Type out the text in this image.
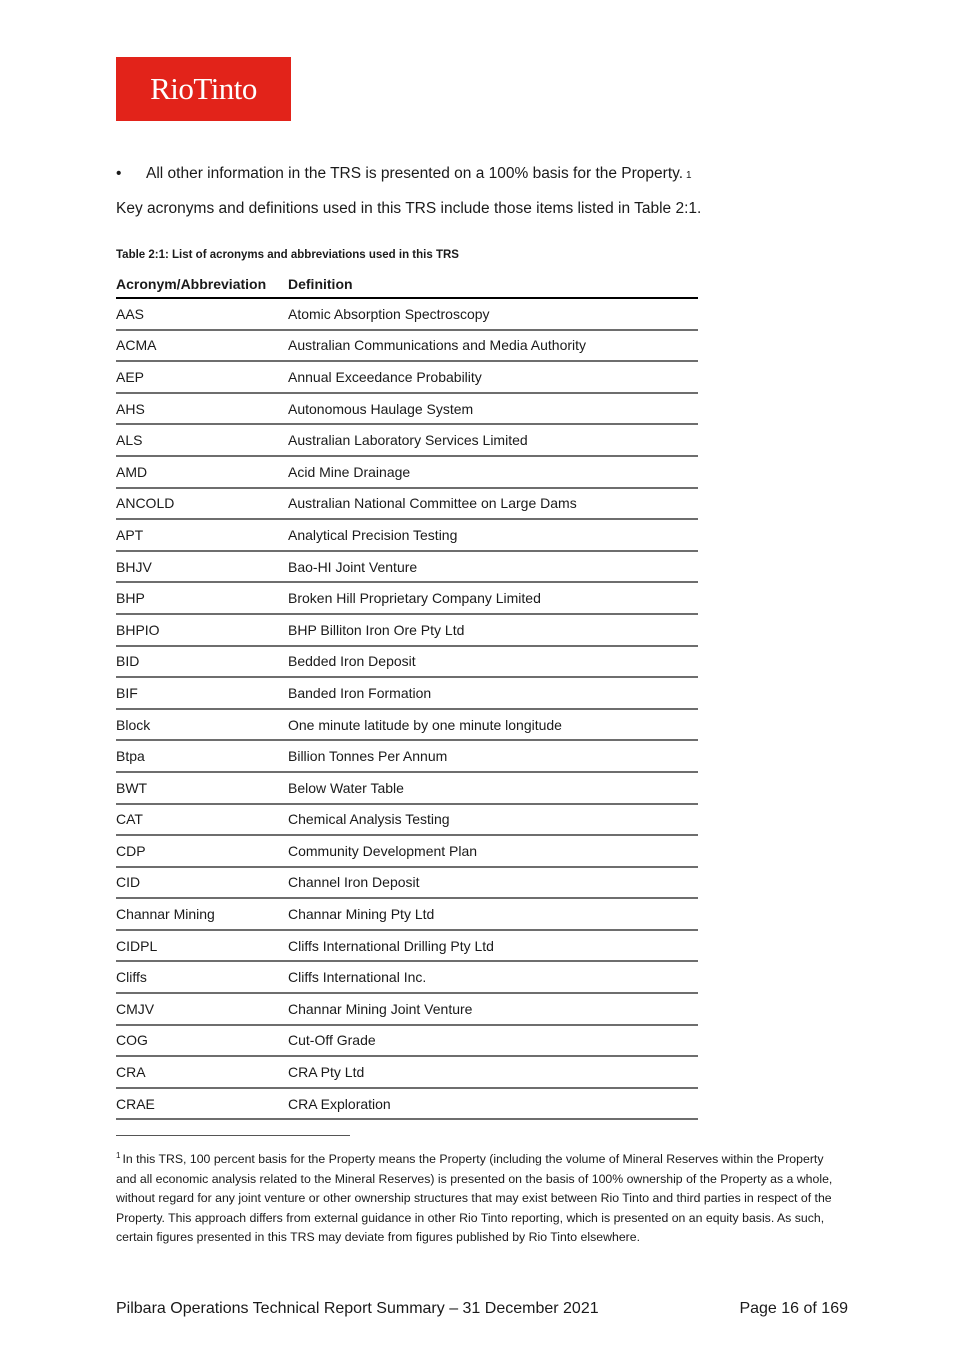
RioTinto
•	All other information in the TRS is presented on a 100% basis for the Property. 1
Key acronyms and definitions used in this TRS include those items listed in Table 2:1.
Table 2:1: List of acronyms and abbreviations used in this TRS
Acronym/Abbreviation	Definition
AAS	Atomic Absorption Spectroscopy
ACMA	Australian Communications and Media Authority
AEP	Annual Exceedance Probability
AHS	Autonomous Haulage System
ALS	Australian Laboratory Services Limited
AMD	Acid Mine Drainage
ANCOLD	Australian National Committee on Large Dams
APT	Analytical Precision Testing
BHJV	Bao-HI Joint Venture
BHP	Broken Hill Proprietary Company Limited
BHPIO	BHP Billiton Iron Ore Pty Ltd
BID	Bedded Iron Deposit
BIF	Banded Iron Formation
Block	One minute latitude by one minute longitude
Btpa	Billion Tonnes Per Annum
BWT	Below Water Table
CAT	Chemical Analysis Testing
CDP	Community Development Plan
CID	Channel Iron Deposit
Channar Mining	Channar Mining Pty Ltd
CIDPL	Cliffs International Drilling Pty Ltd
Cliffs	Cliffs International Inc.
CMJV	Channar Mining Joint Venture
COG	Cut-Off Grade
CRA	CRA Pty Ltd
CRAE	CRA Exploration
$^1$ In this TRS, 100 percent basis for the Property means the Property (including the volume of Mineral Reserves within the Property and all economic analysis related to the Mineral Reserves) is presented on the basis of 100% ownership of the Property as a whole, without regard for any joint venture or other ownership structures that may exist between Rio Tinto and third parties in respect of the Property. This approach differs from external guidance in other Rio Tinto reporting, which is presented on an equity basis. As such, certain figures presented in this TRS may deviate from figures published by Rio Tinto elsewhere.
Pilbara Operations Technical Report Summary – 31 December 2021	Page 16 of 169
